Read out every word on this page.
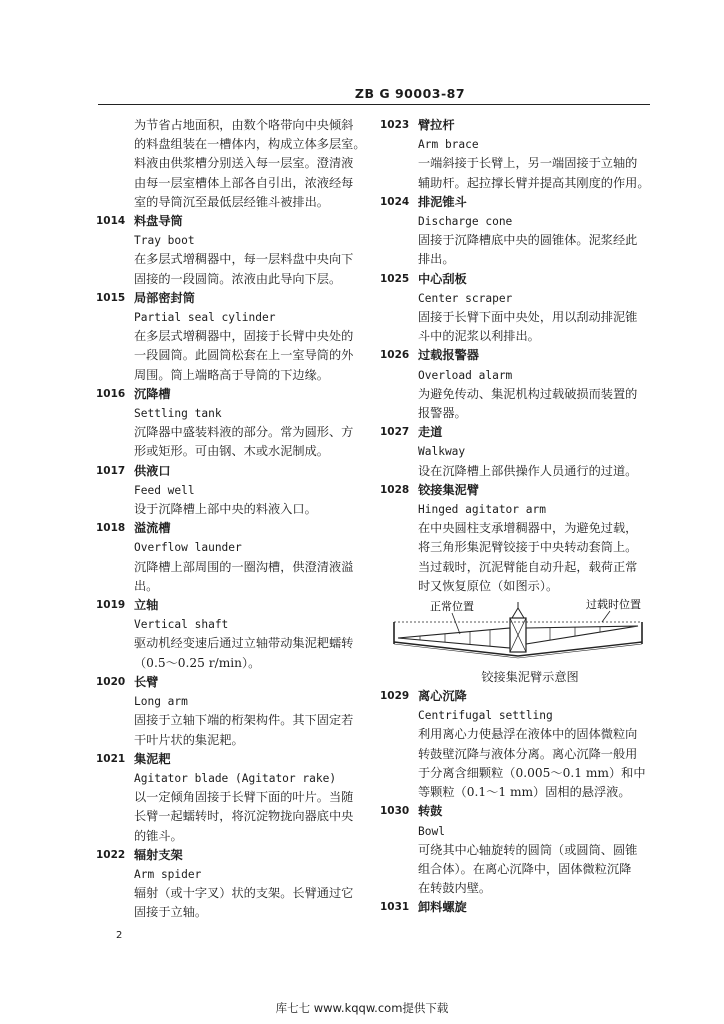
ZB G 90003-87
为节省占地面积，由数个咯带向中央倾斜
的料盘组装在一槽体内，构成立体多层室。
料液由供浆槽分别送入每一层室。澄清液
由每一层室槽体上部各自引出，浓液经每
室的导筒沉至最低层经锥斗被排出。
1014 料盘导筒
Tray boot
在多层式增稠器中，每一层料盘中央向下
固接的一段圆筒。浓液由此导向下层。
1015 局部密封筒
Partial seal cylinder
在多层式增稠器中，固接于长臂中央处的
一段圆筒。此圆筒松套在上一室导筒的外
周围。筒上端略高于导筒的下边缘。
1016 沉降槽
Settling tank
沉降器中盛装料液的部分。常为圆形、方
形或矩形。可由钢、木或水泥制成。
1017 供液口
Feed well
设于沉降槽上部中央的料液入口。
1018 溢流槽
Overflow launder
沉降槽上部周围的一圈沟槽，供澄清液溢
出。
1019 立轴
Vertical shaft
驱动机经变速后通过立轴带动集泥耙蠕转
（0.5～0.25 r/min）。
1020 长臂
Long arm
固接于立轴下端的桁架构件。其下固定若
干叶片状的集泥耙。
1021 集泥耙
Agitator blade (Agitator rake)
以一定倾角固接于长臂下面的叶片。当随
长臂一起蠕转时，将沉淀物拢向器底中央
的锥斗。
1022 辐射支架
Arm spider
辐射（或十字叉）状的支架。长臂通过它
固接于立轴。
1023 臂拉杆
Arm brace
一端斜接于长臂上，另一端固接于立轴的
辅助杆。起拉撑长臂并提高其刚度的作用。
1024 排泥锥斗
Discharge cone
固接于沉降槽底中央的圆锥体。泥浆经此
排出。
1025 中心刮板
Center scraper
固接于长臂下面中央处，用以刮动排泥锥
斗中的泥浆以利排出。
1026 过载报警器
Overload alarm
为避免传动、集泥机构过载破损而装置的
报警器。
1027 走道
Walkway
设在沉降槽上部供操作人员通行的过道。
1028 铰接集泥臂
Hinged agitator arm
在中央圆柱支承增稠器中，为避免过载，
将三角形集泥臂铰接于中央转动套筒上。
当过载时，沉泥臂能自动升起，载荷正常
时又恢复原位（如图示）。
正常位置	过载时位置
铰接集泥臂示意图
1029 离心沉降
Centrifugal settling
利用离心力使悬浮在液体中的固体微粒向
转鼓壁沉降与液体分离。离心沉降一般用
于分离含细颗粒（0.005～0.1 mm）和中
等颗粒（0.1～1 mm）固相的悬浮液。
1030 转鼓
Bowl
可绕其中心轴旋转的圆筒（或圆筒、圆锥
组合体）。在离心沉降中，固体微粒沉降
在转鼓内壁。
1031 卸料螺旋
2
库七七 www.kqqw.com提供下载
